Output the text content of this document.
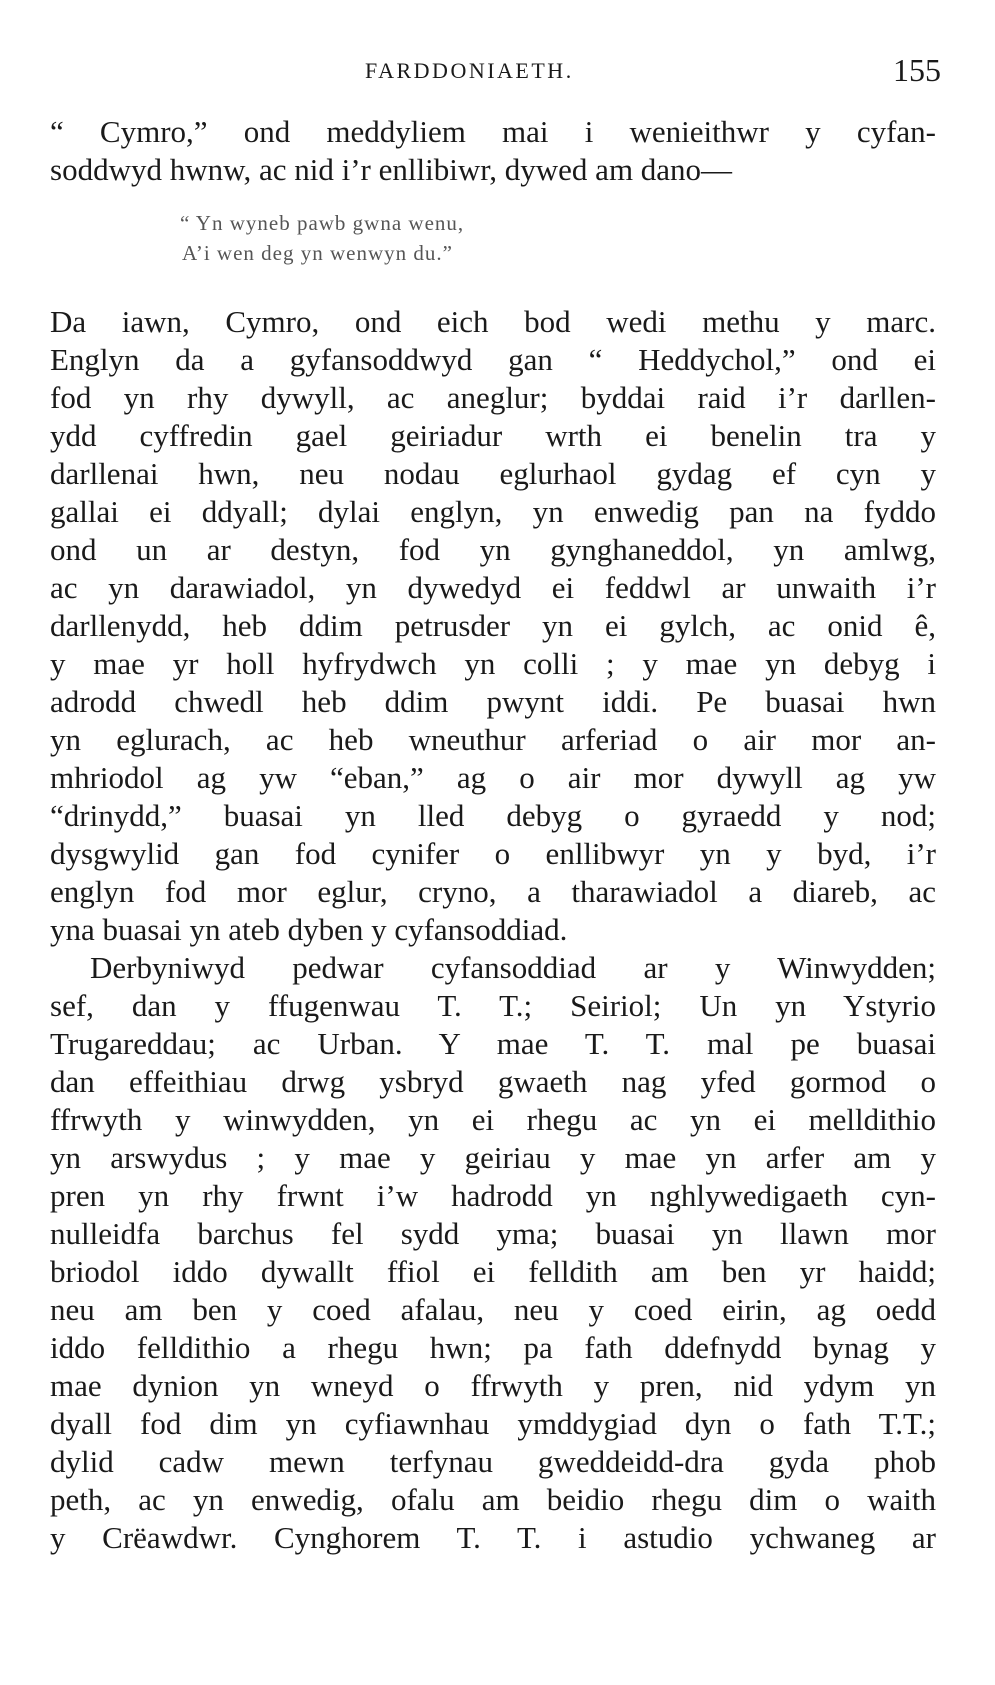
FARDDONIAETH.	155
“ Cymro,” ond meddyliem mai i wenieithwr y cyfan-
soddwyd hwnw, ac nid i’r enllibiwr, dywed am dano—
“ Yn wyneb pawb gwna wenu,
A’i wen deg yn wenwyn du.”
Da iawn, Cymro, ond eich bod wedi methu y marc.
Englyn da a gyfansoddwyd gan “ Heddychol,” ond ei
fod yn rhy dywyll, ac aneglur; byddai raid i’r darllen-
ydd cyffredin gael geiriadur wrth ei benelin tra y
darllenai hwn, neu nodau eglurhaol gydag ef cyn y
gallai ei ddyall; dylai englyn, yn enwedig pan na fyddo
ond un ar destyn, fod yn gynghaneddol, yn amlwg,
ac yn darawiadol, yn dywedyd ei feddwl ar unwaith i’r
darllenydd, heb ddim petrusder yn ei gylch, ac onid ê,
y mae yr holl hyfrydwch yn colli ; y mae yn debyg i
adrodd chwedl heb ddim pwynt iddi. Pe buasai hwn
yn eglurach, ac heb wneuthur arferiad o air mor an-
mhriodol ag yw “eban,” ag o air mor dywyll ag yw
“drinydd,” buasai yn lled debyg o gyraedd y nod;
dysgwylid gan fod cynifer o enllibwyr yn y byd, i’r
englyn fod mor eglur, cryno, a tharawiadol a diareb, ac
yna buasai yn ateb dyben y cyfansoddiad.
Derbyniwyd pedwar cyfansoddiad ar y Winwydden;
sef, dan y ffugenwau T. T.; Seiriol; Un yn Ystyrio
Trugareddau; ac Urban. Y mae T. T. mal pe buasai
dan effeithiau drwg ysbryd gwaeth nag yfed gormod o
ffrwyth y winwydden, yn ei rhegu ac yn ei melldithio
yn arswydus ; y mae y geiriau y mae yn arfer am y
pren yn rhy frwnt i’w hadrodd yn nghlywedigaeth cyn-
nulleidfa barchus fel sydd yma; buasai yn llawn mor
briodol iddo dywallt ffiol ei felldith am ben yr haidd;
neu am ben y coed afalau, neu y coed eirin, ag oedd
iddo felldithio a rhegu hwn; pa fath ddefnydd bynag y
mae dynion yn wneyd o ffrwyth y pren, nid ydym yn
dyall fod dim yn cyfiawnhau ymddygiad dyn o fath T.T.;
dylid cadw mewn terfynau gweddeidd-dra gyda phob
peth, ac yn enwedig, ofalu am beidio rhegu dim o waith
y Crëawdwr. Cynghorem T. T. i astudio ychwaneg ar
